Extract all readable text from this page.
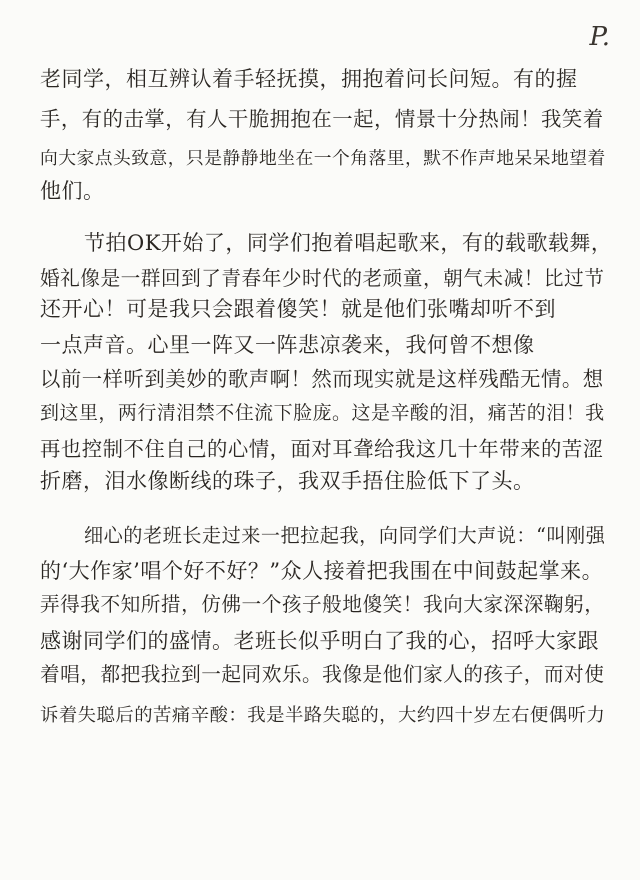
P.
老同学，相互辨认着手轻抚摸，拥抱着问长问短。有的握
手，有的击掌，有人干脆拥抱在一起，情景十分热闹！我笑着
向大家点头致意，只是静静地坐在一个角落里，默不作声地呆呆地望着
他们。
节拍OK开始了，同学们抱着唱起歌来，有的载歌载舞，
婚礼像是一群回到了青春年少时代的老顽童，朝气未减！比过节
还开心！可是我只会跟着傻笑！就是他们张嘴却听不到
一点声音。心里一阵又一阵悲凉袭来，我何曾不想像
以前一样听到美妙的歌声啊！然而现实就是这样残酷无情。想
到这里，两行清泪禁不住流下脸庞。这是辛酸的泪，痛苦的泪！我
再也控制不住自己的心情，面对耳聋给我这几十年带来的苦涩
折磨，泪水像断线的珠子，我双手捂住脸低下了头。
细心的老班长走过来一把拉起我，向同学们大声说：“叫刚强
的‘大作家’唱个好不好？”众人接着把我围在中间鼓起掌来。
弄得我不知所措，仿佛一个孩子般地傻笑！我向大家深深鞠躬，
感谢同学们的盛情。老班长似乎明白了我的心，招呼大家跟
着唱，都把我拉到一起同欢乐。我像是他们家人的孩子，而对使
诉着失聪后的苦痛辛酸：我是半路失聪的，大约四十岁左右便偶听力
